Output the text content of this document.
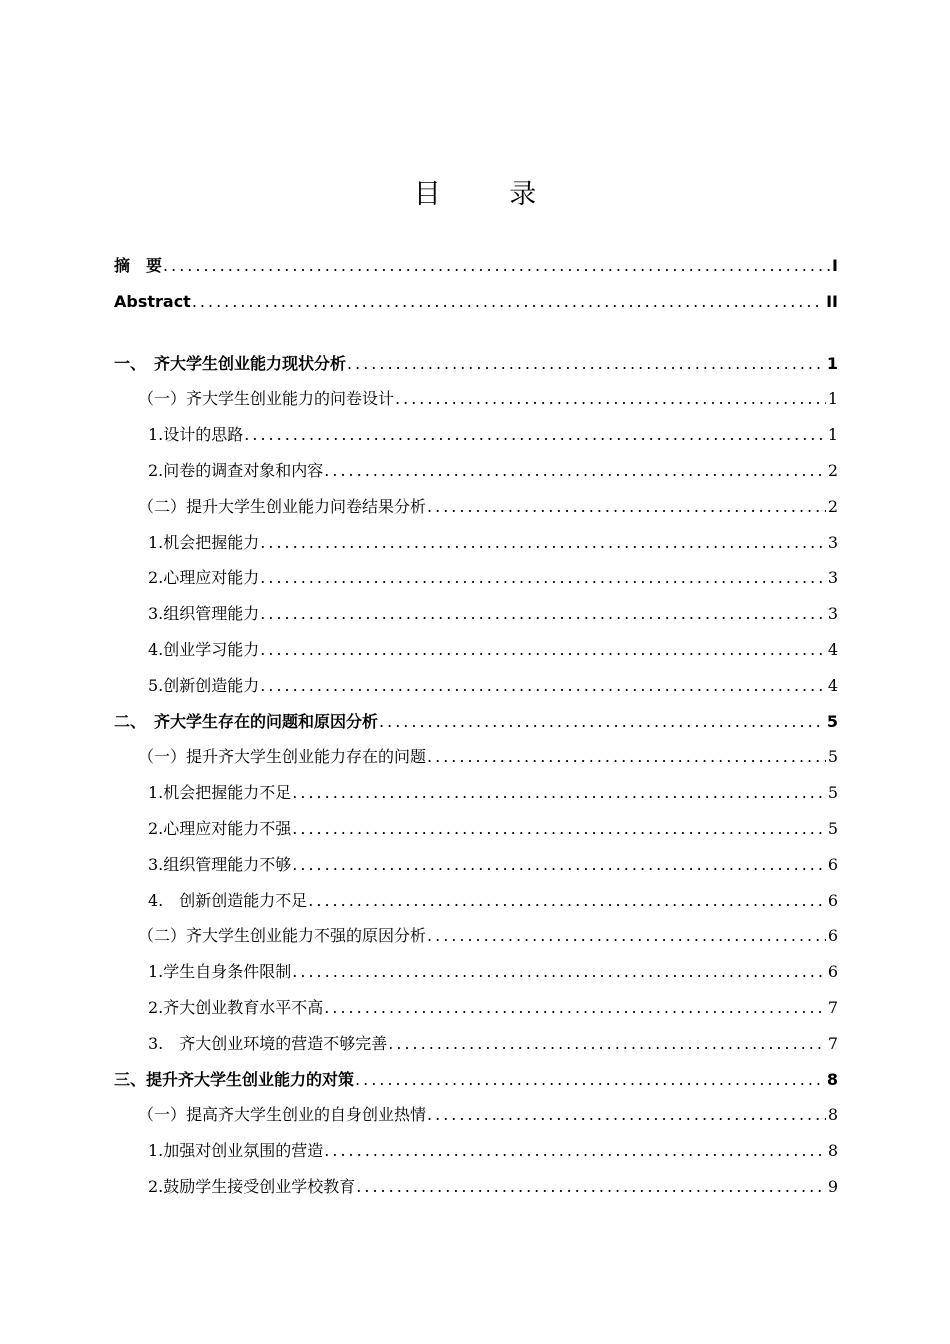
目 录
摘　要 .....	I
Abstract .....	II
一、　齐大学生创业能力现状分析 .....	1
（一）齐大学生创业能力的问卷设计 .....	1
1.设计的思路 .....	1
2.问卷的调查对象和内容 .....	2
（二）提升大学生创业能力问卷结果分析 .....	2
1.机会把握能力 .....	3
2.心理应对能力 .....	3
3.组织管理能力 .....	3
4.创业学习能力 .....	4
5.创新创造能力 .....	4
二、　齐大学生存在的问题和原因分析 .....	5
（一）提升齐大学生创业能力存在的问题 .....	5
1.机会把握能力不足 .....	5
2.心理应对能力不强 .....	5
3.组织管理能力不够 .....	6
4.　创新创造能力不足 .....	6
（二）齐大学生创业能力不强的原因分析 .....	6
1.学生自身条件限制 .....	6
2.齐大创业教育水平不高 .....	7
3.　齐大创业环境的营造不够完善 .....	7
三、提升齐大学生创业能力的对策 .....	8
（一）提高齐大学生创业的自身创业热情 .....	8
1.加强对创业氛围的营造 .....	8
2.鼓励学生接受创业学校教育 .....	9
